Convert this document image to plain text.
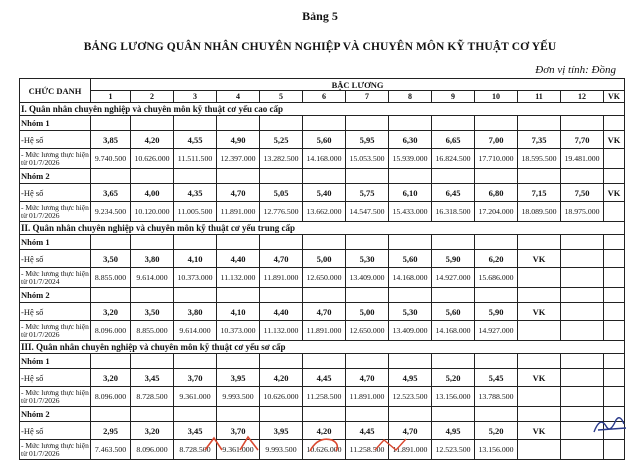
Bảng 5
BẢNG LƯƠNG QUÂN NHÂN CHUYÊN NGHIỆP VÀ CHUYÊN MÔN KỸ THUẬT CƠ YẾU
Đơn vị tính: Đồng
CHỨC DANH	BẬC LƯƠNG												
	1	2	3	4	5	6	7	8	9	10	11	12	VK
I. Quân nhân chuyên nghiệp và chuyên môn kỹ thuật cơ yếu cao cấp													
Nhóm 1													
-Hệ số	3,85	4,20	4,55	4,90	5,25	5,60	5,95	6,30	6,65	7,00	7,35	7,70	VK
- Mức lương thực hiện từ 01/7/2026	9.740.500	10.626.000	11.511.500	12.397.000	13.282.500	14.168.000	15.053.500	15.939.000	16.824.500	17.710.000	18.595.500	19.481.000	
Nhóm 2													
-Hệ số	3,65	4,00	4,35	4,70	5,05	5,40	5,75	6,10	6,45	6,80	7,15	7,50	VK
- Mức lương thực hiện từ 01/7/2026	9.234.500	10.120.000	11.005.500	11.891.000	12.776.500	13.662.000	14.547.500	15.433.000	16.318.500	17.204.000	18.089.500	18.975.000	
II. Quân nhân chuyên nghiệp và chuyên môn kỹ thuật cơ yếu trung cấp													
Nhóm 1													
-Hệ số	3,50	3,80	4,10	4,40	4,70	5,00	5,30	5,60	5,90	6,20	VK		
- Mức lương thực hiện từ 01/7/2024	8.855.000	9.614.000	10.373.000	11.132.000	11.891.000	12.650.000	13.409.000	14.168.000	14.927.000	15.686.000			
Nhóm 2													
-Hệ số	3,20	3,50	3,80	4,10	4,40	4,70	5,00	5,30	5,60	5,90	VK		
- Mức lương thực hiện từ 01/7/2026	8.096.000	8.855.000	9.614.000	10.373.000	11.132.000	11.891.000	12.650.000	13.409.000	14.168.000	14.927.000			
III. Quân nhân chuyên nghiệp và chuyên môn kỹ thuật cơ yếu sơ cấp													
Nhóm 1													
-Hệ số	3,20	3,45	3,70	3,95	4,20	4,45	4,70	4,95	5,20	5,45	VK		
- Mức lương thực hiện từ 01/7/2026	8.096.000	8.728.500	9.361.000	9.993.500	10.626.000	11.258.500	11.891.000	12.523.500	13.156.000	13.788.500			
Nhóm 2													
-Hệ số	2,95	3,20	3,45	3,70	3,95	4,20	4,45	4,70	4,95	5,20	VK		
- Mức lương thực hiện từ 01/7/2026	7.463.500	8.096.000	8.728.500	9.361.000	9.993.500	10.626.000	11.258.500	11.891.000	12.523.500	13.156.000			
